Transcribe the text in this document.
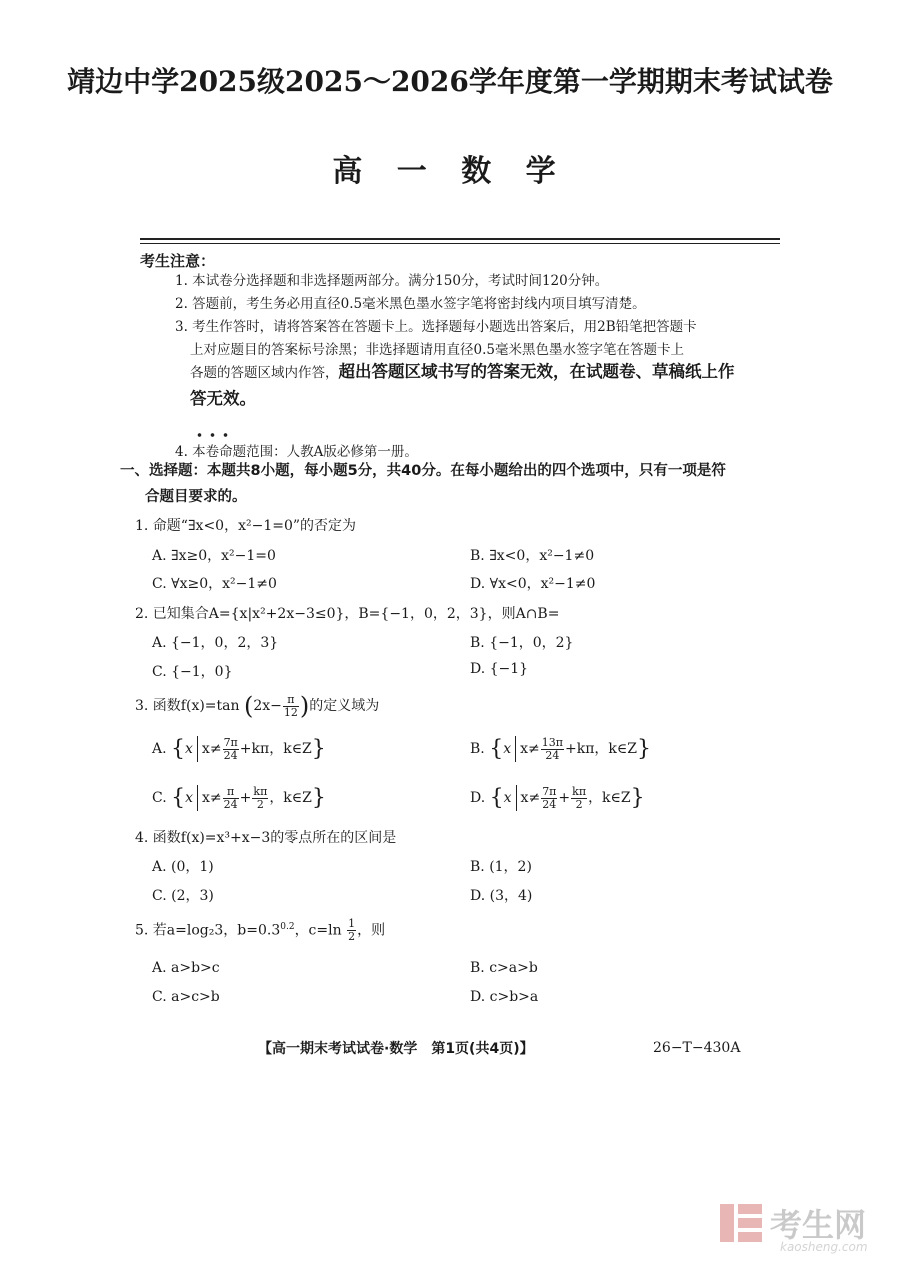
靖边中学2025级2025～2026学年度第一学期期末考试试卷
高 一 数 学
考生注意：
1. 本试卷分选择题和非选择题两部分。满分150分，考试时间120分钟。
2. 答题前，考生务必用直径0.5毫米黑色墨水签字笔将密封线内项目填写清楚。
3. 考生作答时，请将答案答在答题卡上。选择题每小题选出答案后，用2B铅笔把答题卡
上对应题目的答案标号涂黑；非选择题请用直径0.5毫米黑色墨水签字笔在答题卡上
各题的答题区域内作答，超出答题区域书写的答案无效，在试题卷、草稿纸上作
答无效。
4. 本卷命题范围：人教A版必修第一册。
一、选择题：本题共8小题，每小题5分，共40分。在每小题给出的四个选项中，只有一项是符
合题目要求的。
1. 命题“∃x<0，x²−1=0”的否定为
A. ∃x≥0，x²−1=0	B. ∃x<0，x²−1≠0
C. ∀x≥0，x²−1≠0	D. ∀x<0，x²−1≠0
2. 已知集合A={x|x²+2x−3≤0}，B={−1，0，2，3}，则A∩B=
A. {−1，0，2，3}	B. {−1，0，2}
C. {−1，0}	D. {−1}
3. 函数f(x)=tan ($2x- \frac{\pi}{12}$ )的定义域为
A. {x $x\ne \frac{7\pi}{24} +k\pi$，k∈Z}	B. {x $x\ne \frac{13\pi}{24} +k\pi$，k∈Z}
C. {x $x\ne \frac{\pi}{24} + \frac{k\pi}{2}$ ，k∈Z}	D. {x $x\ne \frac{7\pi}{24} + \frac{k\pi}{2}$ ，k∈Z}
4. 函数f(x)=x³+x−3的零点所在的区间是
A. (0，1)	B. (1，2)
C. (2，3)	D. (3，4)
5. 若a=log₂3，$b=0.3^{0.2}$，$c=\ln \frac{1}{2}$ ，则
A. a>b>c	B. c>a>b
C. a>c>b	D. c>b>a
【高一期末考试试卷·数学　第1页(共4页)】	26−T−430A
考生网
kaosheng.com
